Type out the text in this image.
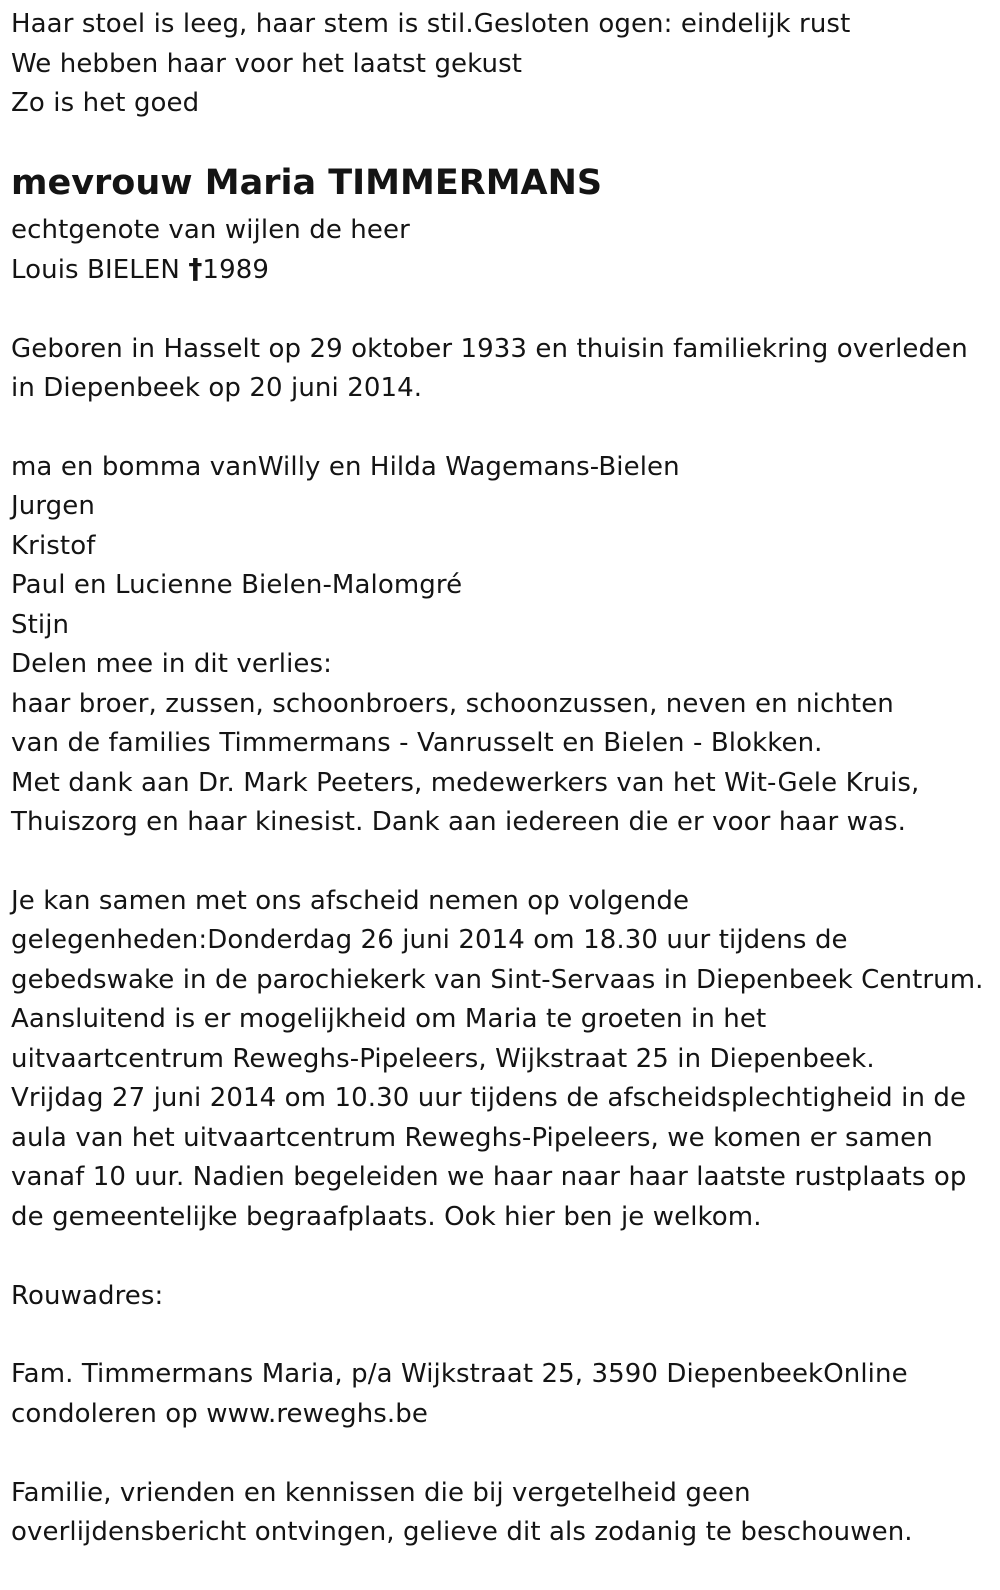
Haar stoel is leeg, haar stem is stil.Gesloten ogen: eindelijk rust
We hebben haar voor het laatst gekust
Zo is het goed
mevrouw Maria TIMMERMANS
echtgenote van wijlen de heer
Louis BIELEN †1989
Geboren in Hasselt op 29 oktober 1933 en thuisin familiekring overleden
in Diepenbeek op 20 juni 2014.
ma en bomma vanWilly en Hilda Wagemans-Bielen
Jurgen
Kristof
Paul en Lucienne Bielen-Malomgré
Stijn
Delen mee in dit verlies:
haar broer, zussen, schoonbroers, schoonzussen, neven en nichten
van de families Timmermans - Vanrusselt en Bielen - Blokken.
Met dank aan Dr. Mark Peeters, medewerkers van het Wit-Gele Kruis,
Thuiszorg en haar kinesist. Dank aan iedereen die er voor haar was.
Je kan samen met ons afscheid nemen op volgende
gelegenheden:Donderdag 26 juni 2014 om 18.30 uur tijdens de
gebedswake in de parochiekerk van Sint-Servaas in Diepenbeek Centrum.
Aansluitend is er mogelijkheid om Maria te groeten in het
uitvaartcentrum Reweghs-Pipeleers, Wijkstraat 25 in Diepenbeek.
Vrijdag 27 juni 2014 om 10.30 uur tijdens de afscheidsplechtigheid in de
aula van het uitvaartcentrum Reweghs-Pipeleers, we komen er samen
vanaf 10 uur. Nadien begeleiden we haar naar haar laatste rustplaats op
de gemeentelijke begraafplaats. Ook hier ben je welkom.
Rouwadres:
Fam. Timmermans Maria, p/a Wijkstraat 25, 3590 DiepenbeekOnline
condoleren op www.reweghs.be
Familie, vrienden en kennissen die bij vergetelheid geen
overlijdensbericht ontvingen, gelieve dit als zodanig te beschouwen.
